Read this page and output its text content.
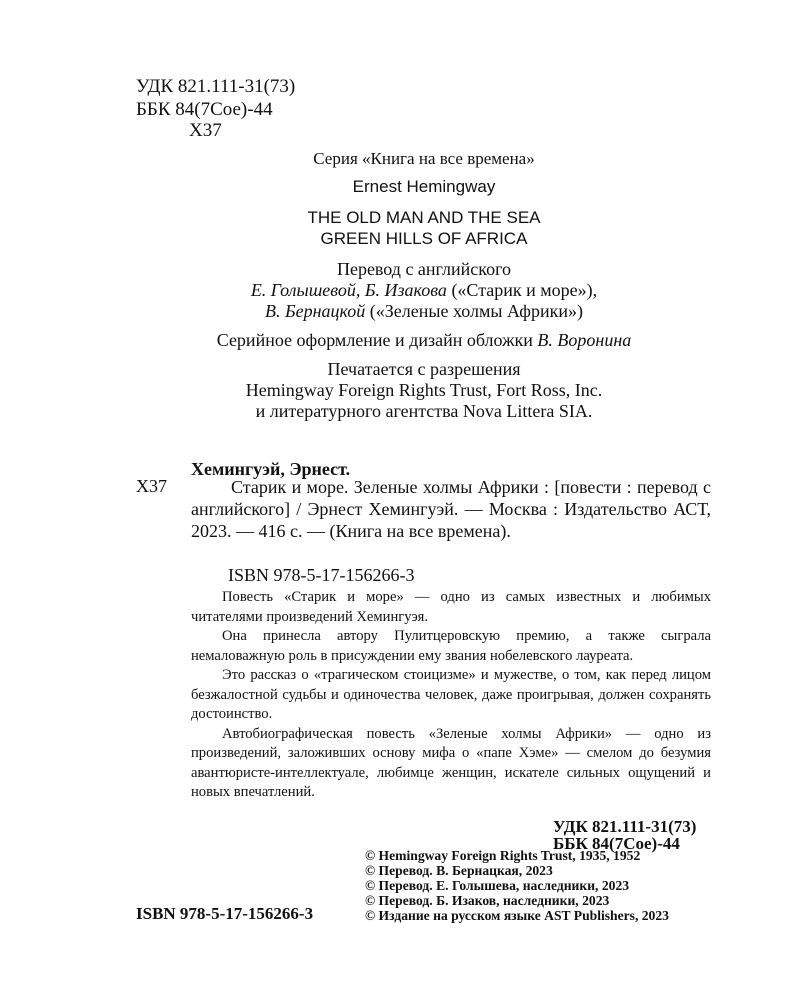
УДК 821.111-31(73)
ББК 84(7Сое)-44
Х37
Серия «Книга на все времена»
Ernest Hemingway
THE OLD MAN AND THE SEA
GREEN HILLS OF AFRICA
Перевод с английского
Е. Голышевой, Б. Изакова («Старик и море»),
В. Бернацкой («Зеленые холмы Африки»)
Серийное оформление и дизайн обложки В. Воронина
Печатается с разрешения
Hemingway Foreign Rights Trust, Fort Ross, Inc.
и литературного агентства Nova Littera SIA.
Хемингуэй, Эрнест.
Х37	Старик и море. Зеленые холмы Африки : [повести : перевод с английского] / Эрнест Хемингуэй. — Москва : Издательство АСТ, 2023. — 416 с. — (Книга на все времена).
ISBN 978-5-17-156266-3

Повесть «Старик и море» — одно из самых известных и любимых читателями произведений Хемингуэя.

Она принесла автору Пулитцеровскую премию, а также сыграла немаловажную роль в присуждении ему звания нобелевского лауреата.

Это рассказ о «трагическом стоицизме» и мужестве, о том, как перед лицом безжалостной судьбы и одиночества человек, даже проигрывая, должен сохранять достоинство.

Автобиографическая повесть «Зеленые холмы Африки» — одно из произведений, заложивших основу мифа о «папе Хэме» — смелом до безумия авантюристе-интеллектуале, любимце женщин, искателе сильных ощущений и новых впечатлений.

УДК 821.111-31(73)
ББК 84(7Сое)-44
ISBN 978-5-17-156266-3
© Hemingway Foreign Rights Trust, 1935, 1952
© Перевод. В. Бернацкая, 2023
© Перевод. Е. Голышева, наследники, 2023
© Перевод. Б. Изаков, наследники, 2023
© Издание на русском языке AST Publishers, 2023
